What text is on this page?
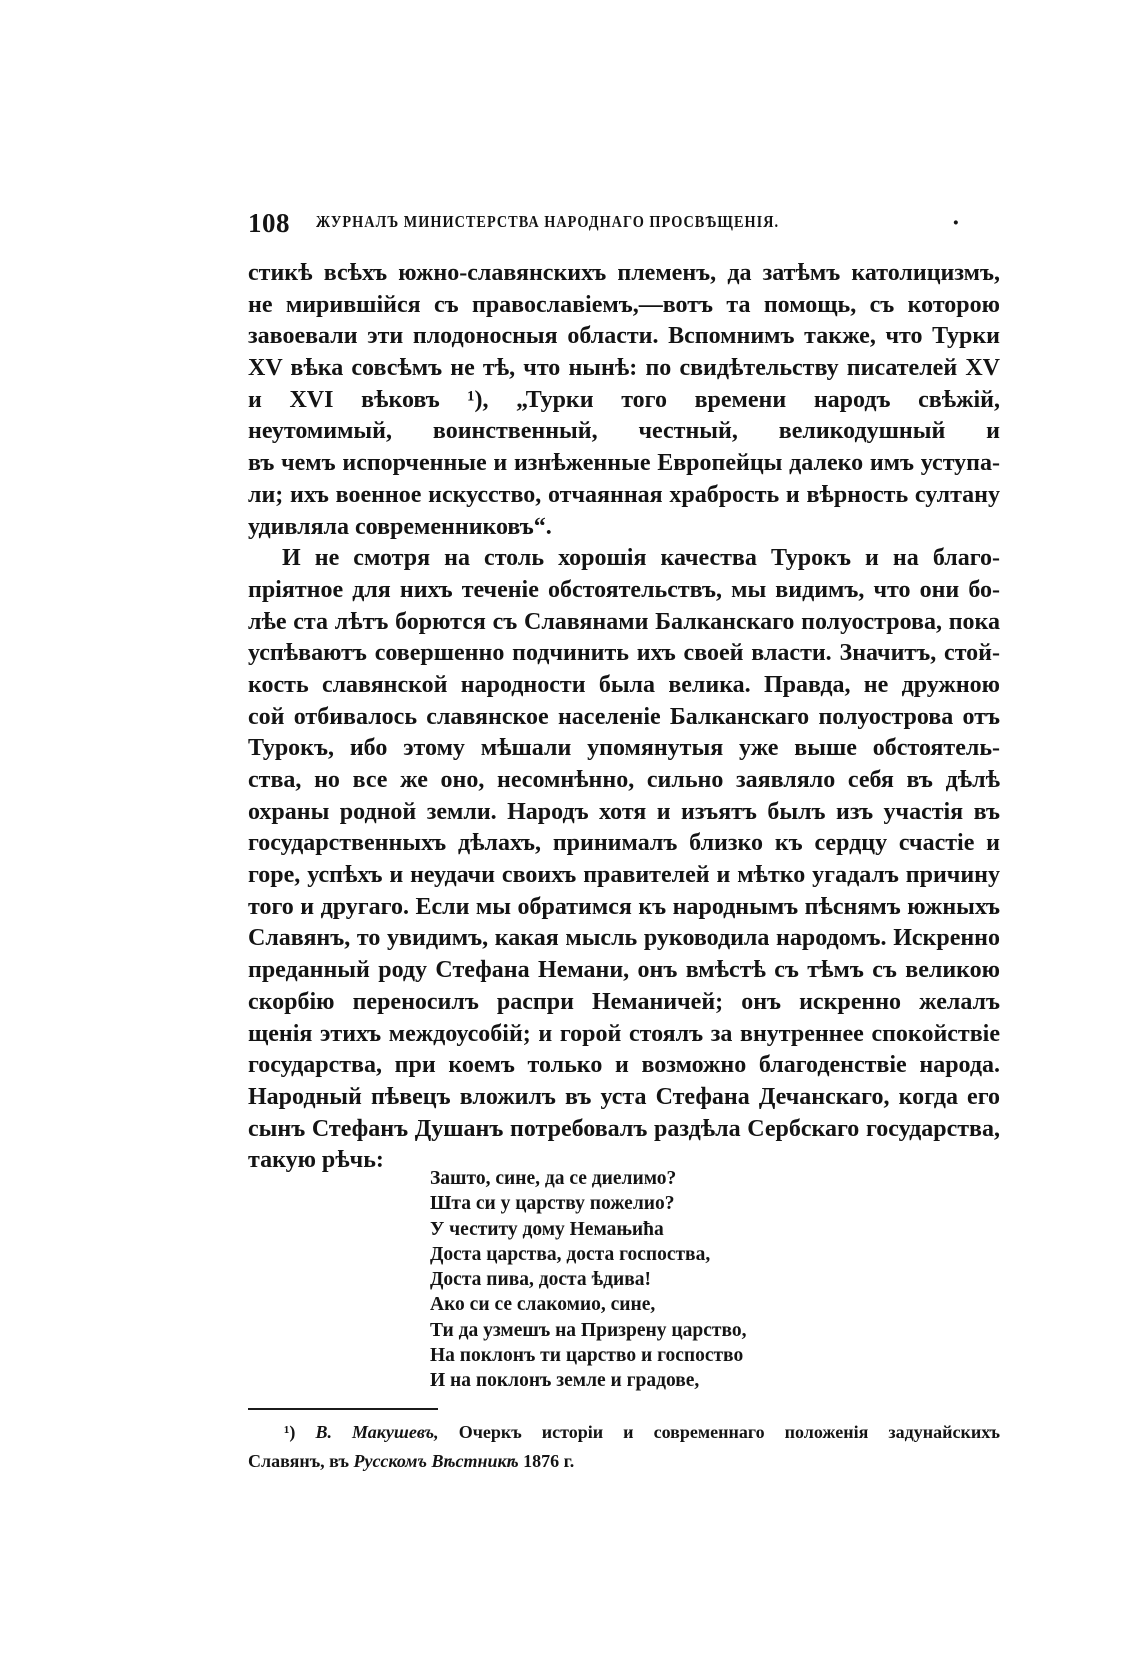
108 ЖУРНАЛЪ МИНИСТЕРСТВА НАРОДНАГО ПРОСВѢЩЕНІЯ.	·
стикѣ всѣхъ южно-славянскихъ племенъ, да затѣмъ католицизмъ,
не мирившійся съ православіемъ,—вотъ та помощь, съ которою
завоевали эти плодоносныя области. Вспомнимъ также, что Турки
XV вѣка совсѣмъ не тѣ, что нынѣ: по свидѣтельству писателей XV
и XVI вѣковъ ¹), „Турки того времени народъ свѣжій,
неутомимый, воинственный, честный, великодушный и
въ чемъ испорченные и изнѣженные Европейцы далеко имъ уступа-
ли; ихъ военное искусство, отчаянная храбрость и вѣрность султану
удивляла современниковъ“.
И не смотря на столь хорошія качества Турокъ и на благо-
пріятное для нихъ теченіе обстоятельствъ, мы видимъ, что они бо-
лѣе ста лѣтъ борются съ Славянами Балканскаго полуострова, пока
успѣваютъ совершенно подчинить ихъ своей власти. Значитъ, стой-
кость славянской народности была велика. Правда, не дружною
сой отбивалось славянское населеніе Балканскаго полуострова отъ
Турокъ, ибо этому мѣшали упомянутыя уже выше обстоятель-
ства, но все же оно, несомнѣнно, сильно заявляло себя въ дѣлѣ
охраны родной земли. Народъ хотя и изъятъ былъ изъ участія въ
государственныхъ дѣлахъ, принималъ близко къ сердцу счастіе и
горе, успѣхъ и неудачи своихъ правителей и мѣтко угадалъ причину
того и другаго. Если мы обратимся къ народнымъ пѣснямъ южныхъ
Славянъ, то увидимъ, какая мысль руководила народомъ. Искренно
преданный роду Стефана Немани, онъ вмѣстѣ съ тѣмъ съ великою
скорбію переносилъ распри Неманичей; онъ искренно желалъ
щенія этихъ междоусобій; и горой стоялъ за внутреннее спокойствіе
государства, при коемъ только и возможно благоденствіе народа.
Народный пѣвецъ вложилъ въ уста Стефана Дечанскаго, когда его
сынъ Стефанъ Душанъ потребовалъ раздѣла Сербскаго государства,
такую рѣчь:
Зашто, сине, да се диелимо?
Шта си у царству пожелио?
У честиту дому Немањића
Доста царства, доста госпоства,
Доста пива, доста ѣдива!
Ако си се слакомио, сине,
Ти да узмешъ на Призрену царство,
На поклонъ ти царство и госпоство
И на поклонъ земле и градове,
¹) В. Макушевъ, Очеркъ исторіи и современнаго положенія задунайскихъ
Славянъ, въ Русскомъ Вѣстникѣ 1876 г.
